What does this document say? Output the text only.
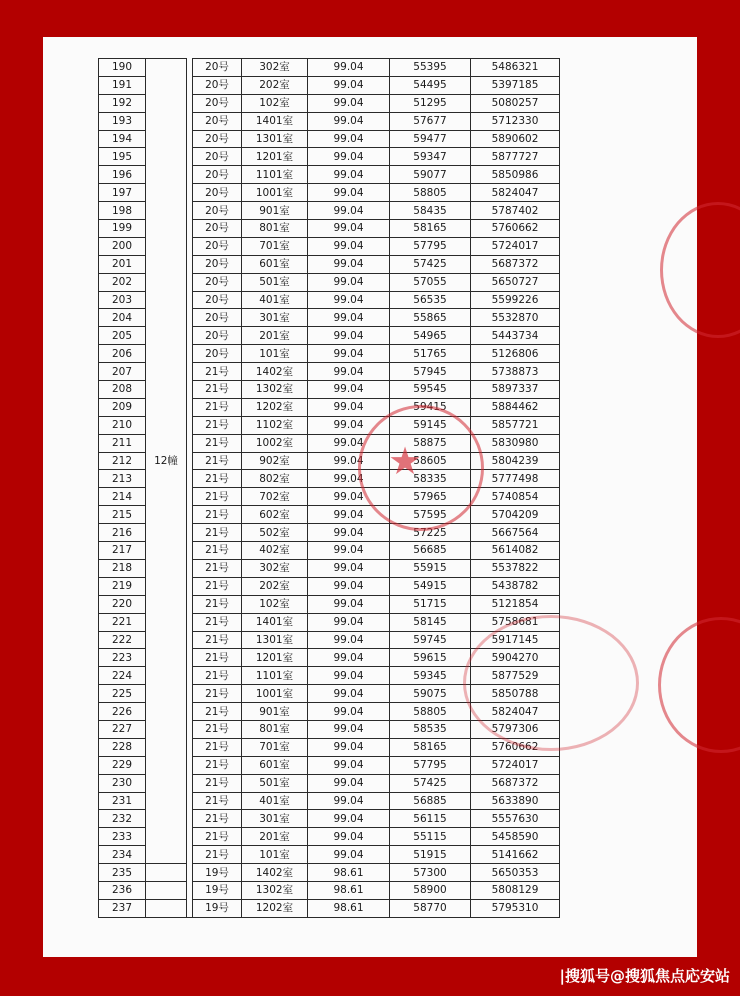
190	12幢		20号	302室	99.04	55395	5486321
191			20号	202室	99.04	54495	5397185
192			20号	102室	99.04	51295	5080257
193			20号	1401室	99.04	57677	5712330
194			20号	1301室	99.04	59477	5890602
195			20号	1201室	99.04	59347	5877727
196			20号	1101室	99.04	59077	5850986
197			20号	1001室	99.04	58805	5824047
198			20号	901室	99.04	58435	5787402
199			20号	801室	99.04	58165	5760662
200			20号	701室	99.04	57795	5724017
201			20号	601室	99.04	57425	5687372
202			20号	501室	99.04	57055	5650727
203			20号	401室	99.04	56535	5599226
204			20号	301室	99.04	55865	5532870
205			20号	201室	99.04	54965	5443734
206			20号	101室	99.04	51765	5126806
207			21号	1402室	99.04	57945	5738873
208			21号	1302室	99.04	59545	5897337
209			21号	1202室	99.04	59415	5884462
210			21号	1102室	99.04	59145	5857721
211			21号	1002室	99.04	58875	5830980
212			21号	902室	99.04	58605	5804239
213			21号	802室	99.04	58335	5777498
214			21号	702室	99.04	57965	5740854
215			21号	602室	99.04	57595	5704209
216			21号	502室	99.04	57225	5667564
217			21号	402室	99.04	56685	5614082
218			21号	302室	99.04	55915	5537822
219			21号	202室	99.04	54915	5438782
220			21号	102室	99.04	51715	5121854
221			21号	1401室	99.04	58145	5758681
222			21号	1301室	99.04	59745	5917145
223			21号	1201室	99.04	59615	5904270
224			21号	1101室	99.04	59345	5877529
225			21号	1001室	99.04	59075	5850788
226			21号	901室	99.04	58805	5824047
227			21号	801室	99.04	58535	5797306
228			21号	701室	99.04	58165	5760662
229			21号	601室	99.04	57795	5724017
230			21号	501室	99.04	57425	5687372
231			21号	401室	99.04	56885	5633890
232			21号	301室	99.04	56115	5557630
233			21号	201室	99.04	55115	5458590
234			21号	101室	99.04	51915	5141662
235			19号	1402室	98.61	57300	5650353
236			19号	1302室	98.61	58900	5808129
237			19号	1202室	98.61	58770	5795310
★
|搜狐号@搜狐焦点応安站
